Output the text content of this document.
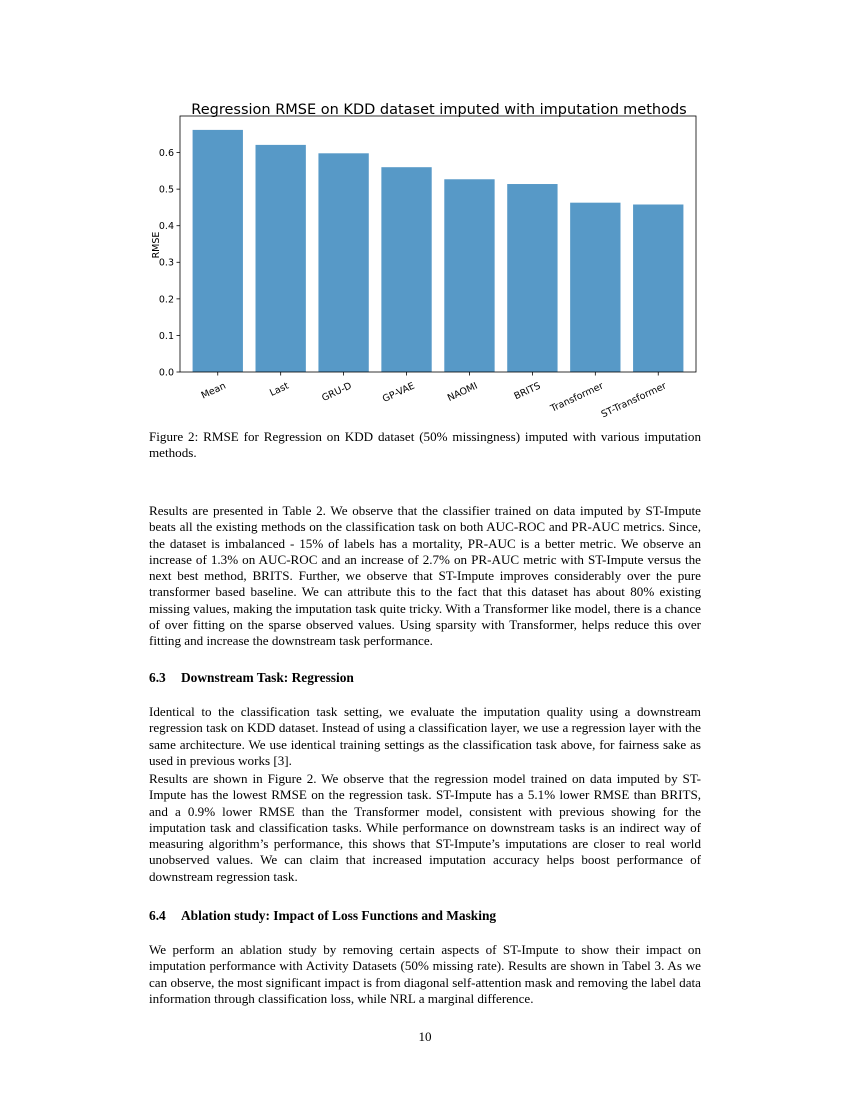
Regression RMSE on KDD dataset imputed with imputation methods
0.0
0.1
0.2
0.3
0.4
0.5
0.6
Mean	Last	GRU-D	GP-VAE	NAOMI	BRITS Transformer
ST-Transformer
RMSE

Figure 2: RMSE for Regression on KDD dataset (50% missingness) imputed with various imputation methods.

Results are presented in Table 2. We observe that the classifier trained on data imputed by ST-Impute beats all the existing methods on the classification task on both AUC-ROC and PR-AUC metrics. Since, the dataset is imbalanced - 15% of labels has a mortality, PR-AUC is a better metric. We observe an increase of 1.3% on AUC-ROC and an increase of 2.7% on PR-AUC metric with ST-Impute versus the next best method, BRITS. Further, we observe that ST-Impute improves considerably over the pure transformer based baseline. We can attribute this to the fact that this dataset has about 80% existing missing values, making the imputation task quite tricky. With a Transformer like model, there is a chance of over fitting on the sparse observed values. Using sparsity with Transformer, helps reduce this over fitting and increase the downstream task performance.

6.3 Downstream Task: Regression

Identical to the classification task setting, we evaluate the imputation quality using a downstream regression task on KDD dataset. Instead of using a classification layer, we use a regression layer with the same architecture. We use identical training settings as the classification task above, for fairness sake as used in previous works [3].

Results are shown in Figure 2. We observe that the regression model trained on data imputed by ST-Impute has the lowest RMSE on the regression task. ST-Impute has a 5.1% lower RMSE than BRITS, and a 0.9% lower RMSE than the Transformer model, consistent with previous showing for the imputation task and classification tasks. While performance on downstream tasks is an indirect way of measuring algorithm’s performance, this shows that ST-Impute’s imputations are closer to real world unobserved values. We can claim that increased imputation accuracy helps boost performance of downstream regression task.

6.4 Ablation study: Impact of Loss Functions and Masking

We perform an ablation study by removing certain aspects of ST-Impute to show their impact on imputation performance with Activity Datasets (50% missing rate). Results are shown in Tabel 3. As we can observe, the most significant impact is from diagonal self-attention mask and removing the label data information through classification loss, while NRL a marginal difference.

10
